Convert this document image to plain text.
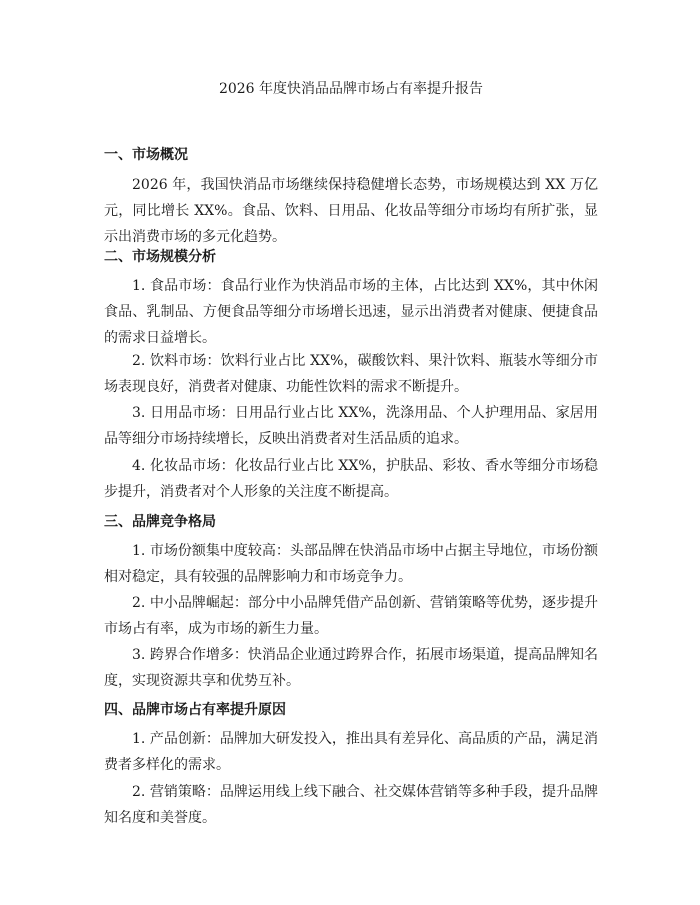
2026 年度快消品品牌市场占有率提升报告
一、市场概况

2026 年，我国快消品市场继续保持稳健增长态势，市场规模达到 XX 万亿元，同比增长 XX%。食品、饮料、日用品、化妆品等细分市场均有所扩张，显示出消费市场的多元化趋势。

二、市场规模分析

1. 食品市场：食品行业作为快消品市场的主体，占比达到 XX%，其中休闲食品、乳制品、方便食品等细分市场增长迅速，显示出消费者对健康、便捷食品的需求日益增长。

2. 饮料市场：饮料行业占比 XX%，碳酸饮料、果汁饮料、瓶装水等细分市场表现良好，消费者对健康、功能性饮料的需求不断提升。

3. 日用品市场：日用品行业占比 XX%，洗涤用品、个人护理用品、家居用品等细分市场持续增长，反映出消费者对生活品质的追求。

4. 化妆品市场：化妆品行业占比 XX%，护肤品、彩妆、香水等细分市场稳步提升，消费者对个人形象的关注度不断提高。

三、品牌竞争格局

1. 市场份额集中度较高：头部品牌在快消品市场中占据主导地位，市场份额相对稳定，具有较强的品牌影响力和市场竞争力。

2. 中小品牌崛起：部分中小品牌凭借产品创新、营销策略等优势，逐步提升市场占有率，成为市场的新生力量。

3. 跨界合作增多：快消品企业通过跨界合作，拓展市场渠道，提高品牌知名度，实现资源共享和优势互补。

四、品牌市场占有率提升原因

1. 产品创新：品牌加大研发投入，推出具有差异化、高品质的产品，满足消费者多样化的需求。

2. 营销策略：品牌运用线上线下融合、社交媒体营销等多种手段，提升品牌知名度和美誉度。
